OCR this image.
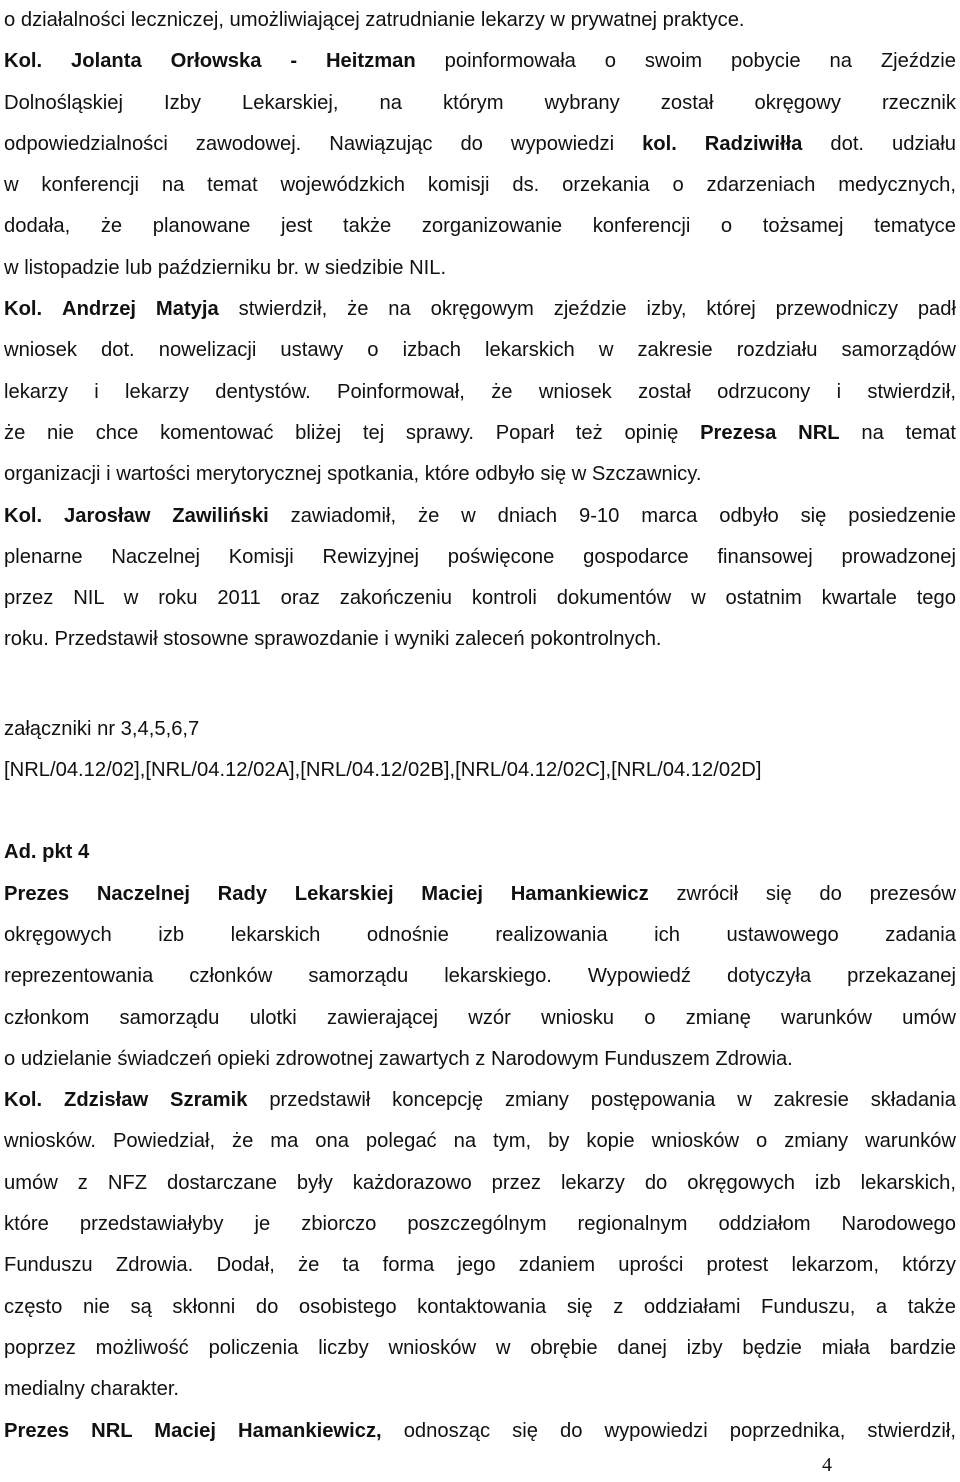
o działalności leczniczej, umożliwiającej zatrudnianie lekarzy w prywatnej praktyce.

Kol. Jolanta Orłowska - Heitzman poinformowała o swoim pobycie na Zjeździe
Dolnośląskiej Izby Lekarskiej, na którym wybrany został okręgowy rzecznik
odpowiedzialności zawodowej. Nawiązując do wypowiedzi kol. Radziwiłła dot. udziału
w konferencji na temat wojewódzkich komisji ds. orzekania o zdarzeniach medycznych,
dodała, że planowane jest także zorganizowanie konferencji o tożsamej tematyce
w listopadzie lub październiku br. w siedzibie NIL.

Kol. Andrzej Matyja stwierdził, że na okręgowym zjeździe izby, której przewodniczy padł
wniosek dot. nowelizacji ustawy o izbach lekarskich w zakresie rozdziału samorządów
lekarzy i lekarzy dentystów. Poinformował, że wniosek został odrzucony i stwierdził,
że nie chce komentować bliżej tej sprawy. Poparł też opinię Prezesa NRL na temat
organizacji i wartości merytorycznej spotkania, które odbyło się w Szczawnicy.

Kol. Jarosław Zawiliński zawiadomił, że w dniach 9-10 marca odbyło się posiedzenie
plenarne Naczelnej Komisji Rewizyjnej poświęcone gospodarce finansowej prowadzonej
przez NIL w roku 2011 oraz zakończeniu kontroli dokumentów w ostatnim kwartale tego
roku. Przedstawił stosowne sprawozdanie i wyniki zaleceń pokontrolnych.

załączniki nr 3,4,5,6,7

[NRL/04.12/02],[NRL/04.12/02A],[NRL/04.12/02B],[NRL/04.12/02C],[NRL/04.12/02D]

Ad. pkt 4

Prezes Naczelnej Rady Lekarskiej Maciej Hamankiewicz zwrócił się do prezesów
okręgowych izb lekarskich odnośnie realizowania ich ustawowego zadania
reprezentowania członków samorządu lekarskiego. Wypowiedź dotyczyła przekazanej
członkom samorządu ulotki zawierającej wzór wniosku o zmianę warunków umów
o udzielanie świadczeń opieki zdrowotnej zawartych z Narodowym Funduszem Zdrowia.

Kol. Zdzisław Szramik przedstawił koncepcję zmiany postępowania w zakresie składania
wniosków. Powiedział, że ma ona polegać na tym, by kopie wniosków o zmiany warunków
umów z NFZ dostarczane były każdorazowo przez lekarzy do okręgowych izb lekarskich,
które przedstawiałyby je zbiorczo poszczególnym regionalnym oddziałom Narodowego
Funduszu Zdrowia. Dodał, że ta forma jego zdaniem uprości protest lekarzom, którzy
często nie są skłonni do osobistego kontaktowania się z oddziałami Funduszu, a także
poprzez możliwość policzenia liczby wniosków w obrębie danej izby będzie miała bardzie
medialny charakter.

Prezes NRL Maciej Hamankiewicz, odnosząc się do wypowiedzi poprzednika, stwierdził,

4
